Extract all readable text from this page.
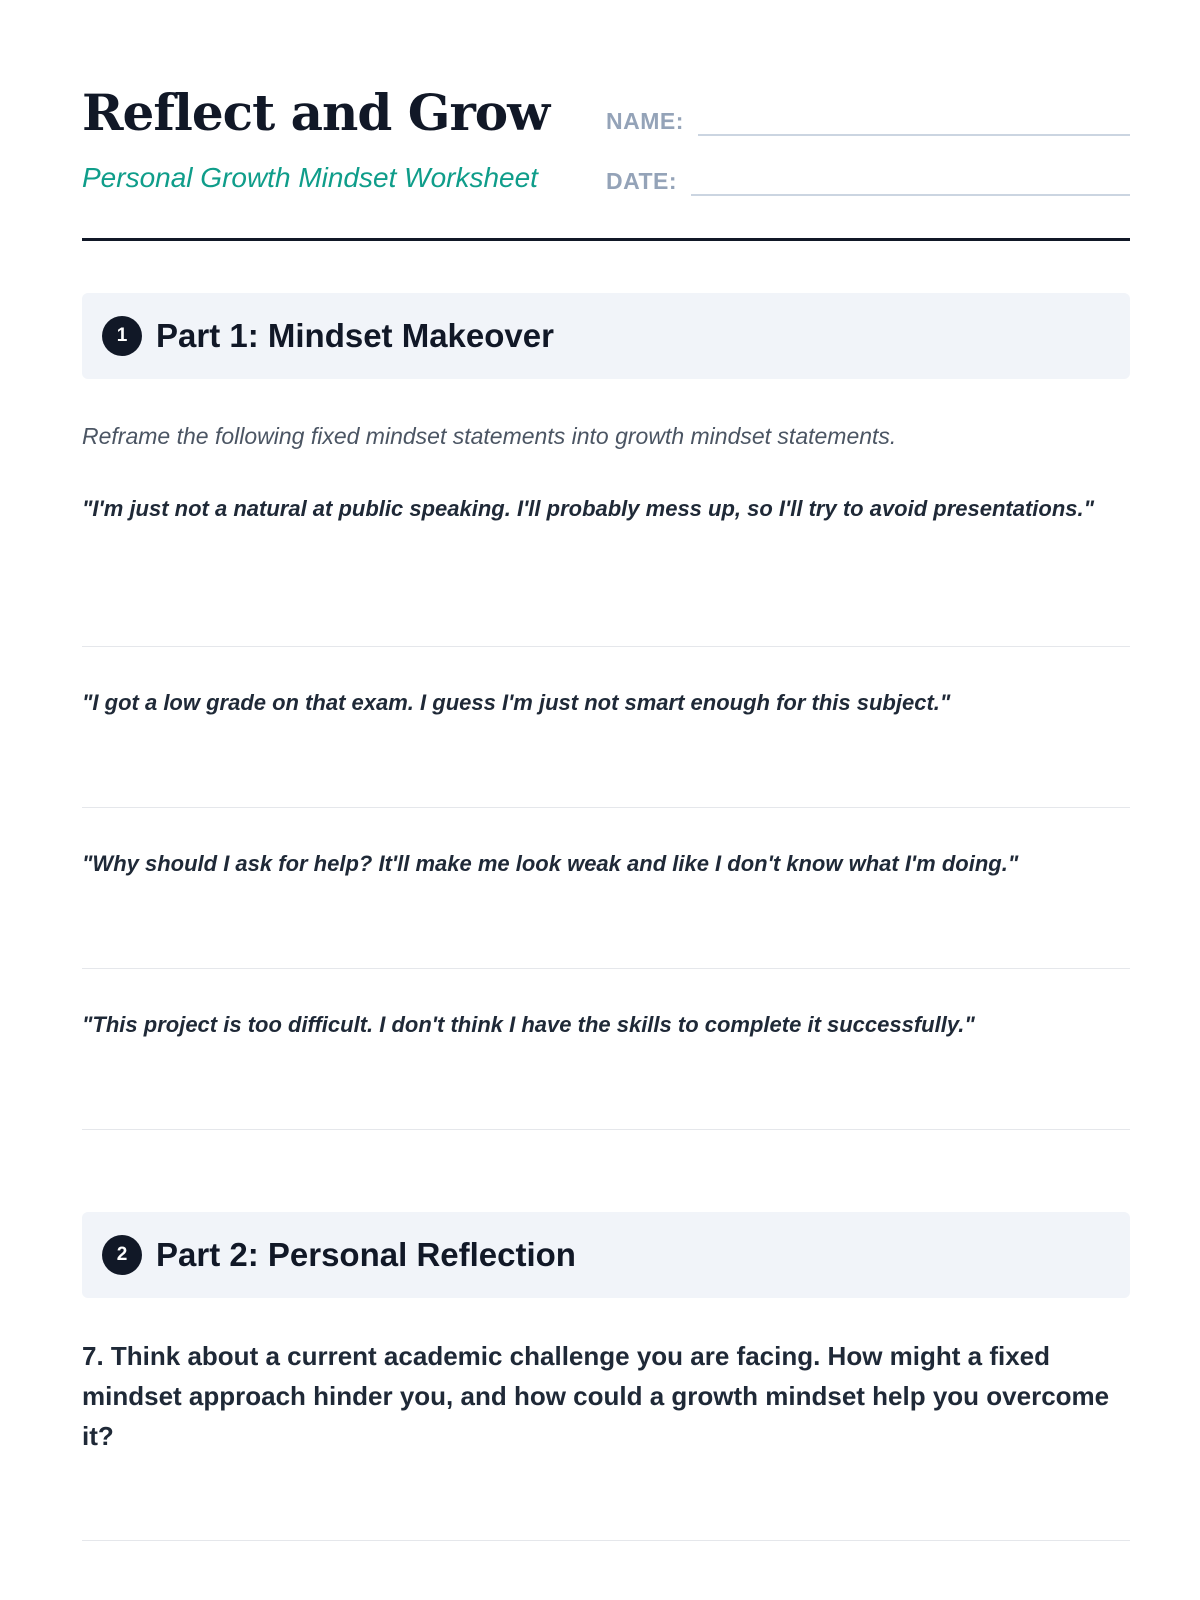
Reflect and Grow
Personal Growth Mindset Worksheet
NAME:
DATE:
1 Part 1: Mindset Makeover
Reframe the following fixed mindset statements into growth mindset statements.

"I'm just not a natural at public speaking. I'll probably mess up, so I'll try to avoid presentations."

"I got a low grade on that exam. I guess I'm just not smart enough for this subject."

"Why should I ask for help? It'll make me look weak and like I don't know what I'm doing."

"This project is too difficult. I don't think I have the skills to complete it successfully."

2 Part 2: Personal Reflection

7. Think about a current academic challenge you are facing. How might a fixed mindset approach hinder you, and how could a growth mindset help you overcome it?
